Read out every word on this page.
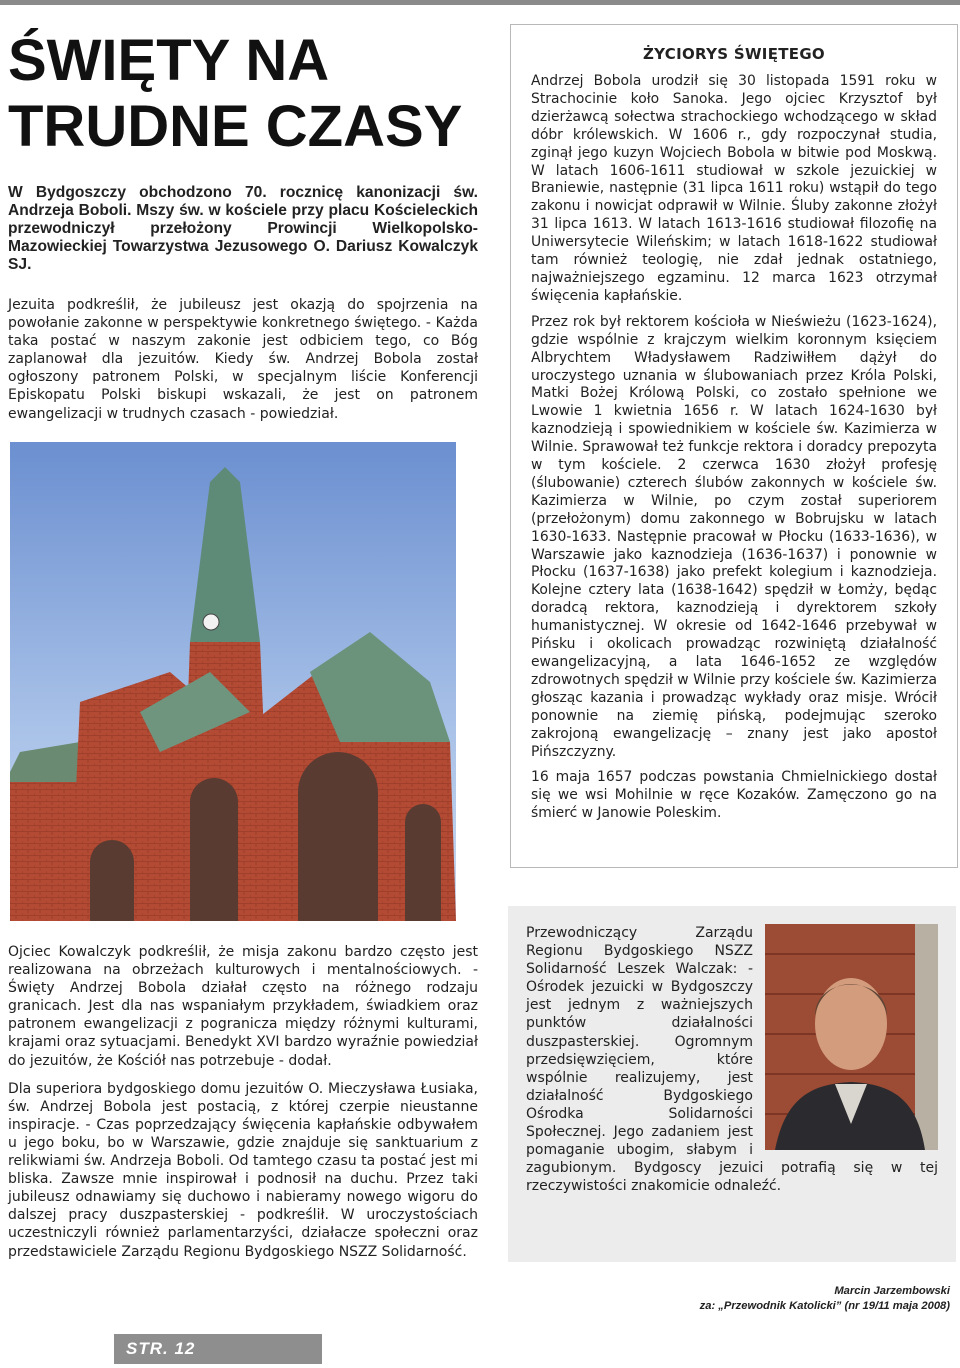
ŚWIĘTY NA TRUDNE CZASY

W Bydgoszczy obchodzono 70. rocznicę kanonizacji św. Andrzeja Boboli. Mszy św. w kościele przy placu Kościeleckich przewodniczył przełożony Prowincji Wielkopolsko-Mazowieckiej Towarzystwa Jezusowego O. Dariusz Kowalczyk SJ.

Jezuita podkreślił, że jubileusz jest okazją do spojrzenia na powołanie zakonne w perspektywie konkretnego świętego. - Każda taka postać w naszym zakonie jest odbiciem tego, co Bóg zaplanował dla jezuitów. Kiedy św. Andrzej Bobola został ogłoszony patronem Polski, w specjalnym liście Konferencji Episkopatu Polski biskupi wskazali, że jest on patronem ewangelizacji w trudnych czasach - powiedział.

ŻYCIORYS ŚWIĘTEGO

Andrzej Bobola urodził się 30 listopada 1591 roku w Strachocinie koło Sanoka. Jego ojciec Krzysztof był dzierżawcą sołectwa strachockiego wchodzącego w skład dóbr królewskich. W 1606 r., gdy rozpoczynał studia, zginął jego kuzyn Wojciech Bobola w bitwie pod Moskwą. W latach 1606-1611 studiował w szkole jezuickiej w Braniewie, następnie (31 lipca 1611 roku) wstąpił do tego zakonu i nowicjat odprawił w Wilnie. Śluby zakonne złożył 31 lipca 1613. W latach 1613-1616 studiował filozofię na Uniwersytecie Wileńskim; w latach 1618-1622 studiował tam również teologię, nie zdał jednak ostatniego, najważniejszego egzaminu. 12 marca 1623 otrzymał święcenia kapłańskie.

Przez rok był rektorem kościoła w Nieświeżu (1623-1624), gdzie wspólnie z krajczym wielkim koronnym księciem Albrychtem Władysławem Radziwiłłem dążył do uroczystego uznania w ślubowaniach przez Króla Polski, Matki Bożej Królową Polski, co zostało spełnione we Lwowie 1 kwietnia 1656 r. W latach 1624-1630 był kaznodzieją i spowiednikiem w kościele św. Kazimierza w Wilnie. Sprawował też funkcje rektora i doradcy prepozyta w tym kościele. 2 czerwca 1630 złożył profesję (ślubowanie) czterech ślubów zakonnych w kościele św. Kazimierza w Wilnie, po czym został superiorem (przełożonym) domu zakonnego w Bobrujsku w latach 1630-1633. Następnie pracował w Płocku (1633-1636), w Warszawie jako kaznodzieja (1636-1637) i ponownie w Płocku (1637-1638) jako prefekt kolegium i kaznodzieja. Kolejne cztery lata (1638-1642) spędził w Łomży, będąc doradcą rektora, kaznodzieją i dyrektorem szkoły humanistycznej. W okresie od 1642-1646 przebywał w Pińsku i okolicach prowadząc rozwiniętą działalność ewangelizacyjną, a lata 1646-1652 ze względów zdrowotnych spędził w Wilnie przy kościele św. Kazimierza głosząc kazania i prowadząc wykłady oraz misje. Wrócił ponownie na ziemię pińską, podejmując szeroko zakrojoną ewangelizację – znany jest jako apostoł Pińszczyzny.

16 maja 1657 podczas powstania Chmielnickiego dostał się we wsi Mohilnie w ręce Kozaków. Zamęczono go na śmierć w Janowie Poleskim.

Ojciec Kowalczyk podkreślił, że misja zakonu bardzo często jest realizowana na obrzeżach kulturowych i mentalnościowych. - Święty Andrzej Bobola działał często na różnego rodzaju granicach. Jest dla nas wspaniałym przykładem, świadkiem oraz patronem ewangelizacji z pogranicza między różnymi kulturami, krajami oraz sytuacjami. Benedykt XVI bardzo wyraźnie powiedział do jezuitów, że Kościół nas potrzebuje - dodał.

Dla superiora bydgoskiego domu jezuitów O. Mieczysława Łusiaka, św. Andrzej Bobola jest postacią, z której czerpie nieustanne inspiracje. - Czas poprzedzający święcenia kapłańskie odbywałem u jego boku, bo w Warszawie, gdzie znajduje się sanktuarium z relikwiami św. Andrzeja Boboli. Od tamtego czasu ta postać jest mi bliska. Zawsze mnie inspirował i podnosił na duchu. Przez taki jubileusz odnawiamy się duchowo i nabieramy nowego wigoru do dalszej pracy duszpasterskiej - podkreślił. W uroczystościach uczestniczyli również parlamentarzyści, działacze społeczni oraz przedstawiciele Zarządu Regionu Bydgoskiego NSZZ Solidarność.

Przewodniczący Zarządu Regionu Bydgoskiego NSZZ Solidarność Leszek Walczak: - Ośrodek jezuicki w Bydgoszczy jest jednym z ważniejszych punktów działalności duszpasterskiej. Ogromnym przedsięwzięciem, które wspólnie realizujemy, jest działalność Bydgoskiego Ośrodka Solidarności Społecznej. Jego zadaniem jest pomaganie ubogim, słabym i zagubionym. Bydgoscy jezuici potrafią się w tej rzeczywistości znakomicie odnaleźć.
Marcin Jarzembowski
za: „Przewodnik Katolicki” (nr 19/11 maja 2008)
STR. 12
